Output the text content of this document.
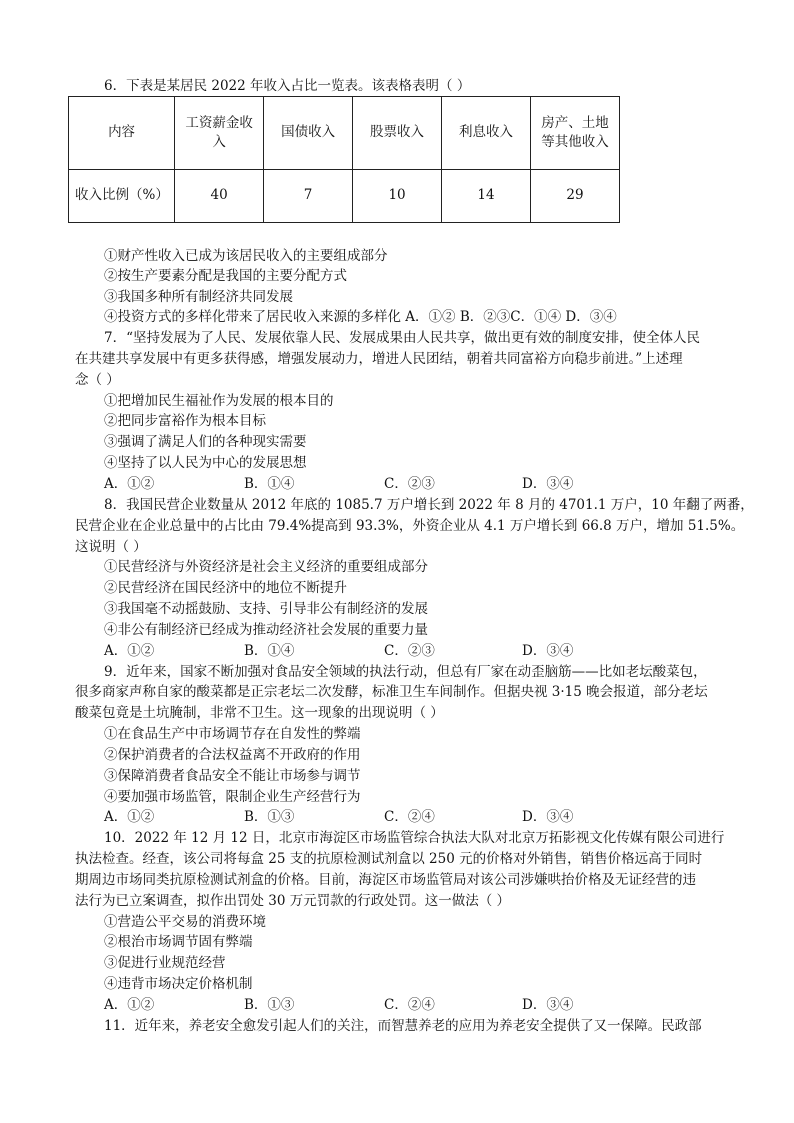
6．下表是某居民 2022 年收入占比一览表。该表格表明（ ）
内容	工资薪金收入	国债收入	股票收入	利息收入	房产、土地等其他收入
收入比例（%）	40	7	10	14	29
①财产性收入已成为该居民收入的主要组成部分
②按生产要素分配是我国的主要分配方式
③我国多种所有制经济共同发展
④投资方式的多样化带来了居民收入来源的多样化 A．①② B．②③C．①④ D．③④
7．“坚持发展为了人民、发展依靠人民、发展成果由人民共享，做出更有效的制度安排，使全体人民
在共建共享发展中有更多获得感，增强发展动力，增进人民团结，朝着共同富裕方向稳步前进。”上述理
念（ ）
①把增加民生福祉作为发展的根本目的
②把同步富裕作为根本目标
③强调了满足人们的各种现实需要
④坚持了以人民为中心的发展思想
A．①②	B．①④	C．②③	D．③④
8．我国民营企业数量从 2012 年底的 1085.7 万户增长到 2022 年 8 月的 4701.1 万户，10 年翻了两番，
民营企业在企业总量中的占比由 79.4%提高到 93.3%，外资企业从 4.1 万户增长到 66.8 万户，增加 51.5%。
这说明（ ）
①民营经济与外资经济是社会主义经济的重要组成部分
②民营经济在国民经济中的地位不断提升
③我国毫不动摇鼓励、支持、引导非公有制经济的发展
④非公有制经济已经成为推动经济社会发展的重要力量
A．①②	B．①④	C．②③	D．③④
9．近年来，国家不断加强对食品安全领域的执法行动，但总有厂家在动歪脑筋——比如老坛酸菜包，
很多商家声称自家的酸菜都是正宗老坛二次发酵，标准卫生车间制作。但据央视 3·15 晚会报道，部分老坛
酸菜包竟是土坑腌制，非常不卫生。这一现象的出现说明（ ）
①在食品生产中市场调节存在自发性的弊端
②保护消费者的合法权益离不开政府的作用
③保障消费者食品安全不能让市场参与调节
④要加强市场监管，限制企业生产经营行为
A．①②	B．①③	C．②④	D．③④
10．2022 年 12 月 12 日，北京市海淀区市场监管综合执法大队对北京万拓影视文化传媒有限公司进行
执法检查。经查，该公司将每盒 25 支的抗原检测试剂盒以 250 元的价格对外销售，销售价格远高于同时
期周边市场同类抗原检测试剂盒的价格。目前，海淀区市场监管局对该公司涉嫌哄抬价格及无证经营的违
法行为已立案调查，拟作出罚处 30 万元罚款的行政处罚。这一做法（ ）
①营造公平交易的消费环境
②根治市场调节固有弊端
③促进行业规范经营
④违背市场决定价格机制
A．①②	B．①③	C．②④	D．③④
11．近年来，养老安全愈发引起人们的关注，而智慧养老的应用为养老安全提供了又一保障。民政部
